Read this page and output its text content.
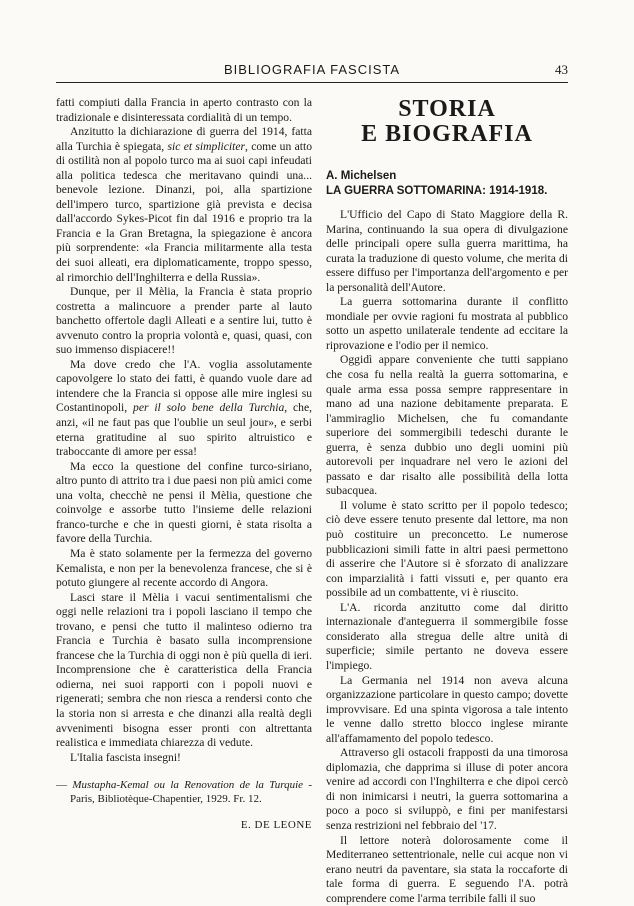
BIBLIOGRAFIA FASCISTA	43

fatti compiuti dalla Francia in aperto contrasto con la tradizionale e disinteressata cordialità di un tempo.

Anzitutto la dichiarazione di guerra del 1914, fatta alla Turchia è spiegata, sic et simpliciter, come un atto di ostilità non al popolo turco ma ai suoi capi infeudati alla politica tedesca che meritavano quindi una... benevole lezione. Dinanzi, poi, alla spartizione dell'impero turco, spartizione già prevista e decisa dall'accordo Sykes-Picot fin dal 1916 e proprio tra la Francia e la Gran Bretagna, la spiegazione è ancora più sorprendente: «la Francia militarmente alla testa dei suoi alleati, era diplomaticamente, troppo spesso, al rimorchio dell'Inghilterra e della Russia».

Dunque, per il Mèlia, la Francia è stata proprio costretta a malincuore a prender parte al lauto banchetto offertole dagli Alleati e a sentire lui, tutto è avvenuto contro la propria volontà e, quasi, quasi, con suo immenso dispiacere!!

Ma dove credo che l'A. voglia assolutamente capovolgere lo stato dei fatti, è quando vuole dare ad intendere che la Francia si oppose alle mire inglesi su Costantinopoli, per il solo bene della Turchia, che, anzi, «il ne faut pas que l'oublie un seul jour», e serbi eterna gratitudine al suo spirito altruistico e traboccante di amore per essa!

Ma ecco la questione del confine turco-siriano, altro punto di attrito tra i due paesi non più amici come una volta, checchè ne pensi il Mèlia, questione che coinvolge e assorbe tutto l'insieme delle relazioni franco-turche e che in questi giorni, è stata risolta a favore della Turchia.

Ma è stato solamente per la fermezza del governo Kemalista, e non per la benevolenza francese, che si è potuto giungere al recente accordo di Angora.

Lasci stare il Mèlia i vacui sentimentalismi che oggi nelle relazioni tra i popoli lasciano il tempo che trovano, e pensi che tutto il malinteso odierno tra Francia e Turchia è basato sulla incomprensione francese che la Turchia di oggi non è più quella di ieri. Incomprensione che è caratteristica della Francia odierna, nei suoi rapporti con i popoli nuovi e rigenerati; sembra che non riesca a rendersi conto che la storia non si arresta e che dinanzi alla realtà degli avvenimenti bisogna esser pronti con altrettanta realistica e immediata chiarezza di vedute.

L'Italia fascista insegni!

— Mustapha-Kemal ou la Renovation de la Turquie - Paris, Bibliotèque-Chapentier, 1929. Fr. 12.

E. DE LEONE
STORIA
E BIOGRAFIA

A. Michelsen

LA GUERRA SOTTOMARINA: 1914-1918.

L'Ufficio del Capo di Stato Maggiore della R. Marina, continuando la sua opera di divulgazione delle principali opere sulla guerra marittima, ha curata la traduzione di questo volume, che merita di essere diffuso per l'importanza dell'argomento e per la personalità dell'Autore.

La guerra sottomarina durante il conflitto mondiale per ovvie ragioni fu mostrata al pubblico sotto un aspetto unilaterale tendente ad eccitare la riprovazione e l'odio per il nemico.

Oggidì appare conveniente che tutti sappiano che cosa fu nella realtà la guerra sottomarina, e quale arma essa possa sempre rappresentare in mano ad una nazione debitamente preparata. E l'ammiraglio Michelsen, che fu comandante superiore dei sommergibili tedeschi durante le guerra, è senza dubbio uno degli uomini più autorevoli per inquadrare nel vero le azioni del passato e dar risalto alle possibilità della lotta subacquea.

Il volume è stato scritto per il popolo tedesco; ciò deve essere tenuto presente dal lettore, ma non può costituire un preconcetto. Le numerose pubblicazioni simili fatte in altri paesi permettono di asserire che l'Autore si è sforzato di analizzare con imparzialità i fatti vissuti e, per quanto era possibile ad un combattente, vi è riuscito.

L'A. ricorda anzitutto come dal diritto internazionale d'anteguerra il sommergibile fosse considerato alla stregua delle altre unità di superficie; simile pertanto ne doveva essere l'impiego.

La Germania nel 1914 non aveva alcuna organizzazione particolare in questo campo; dovette improvvisare. Ed una spinta vigorosa a tale intento le venne dallo stretto blocco inglese mirante all'affamamento del popolo tedesco.

Attraverso gli ostacoli frapposti da una timorosa diplomazia, che dapprima si illuse di poter ancora venire ad accordi con l'Inghilterra e che dipoi cercò di non inimicarsi i neutri, la guerra sottomarina a poco a poco si sviluppò, e fini per manifestarsi senza restrizioni nel febbraio del '17.

Il lettore noterà dolorosamente come il Mediterraneo settentrionale, nelle cui acque non vi erano neutri da paventare, sia stata la roccaforte di tale forma di guerra. E seguendo l'A. potrà comprendere come l'arma terribile falli il suo
